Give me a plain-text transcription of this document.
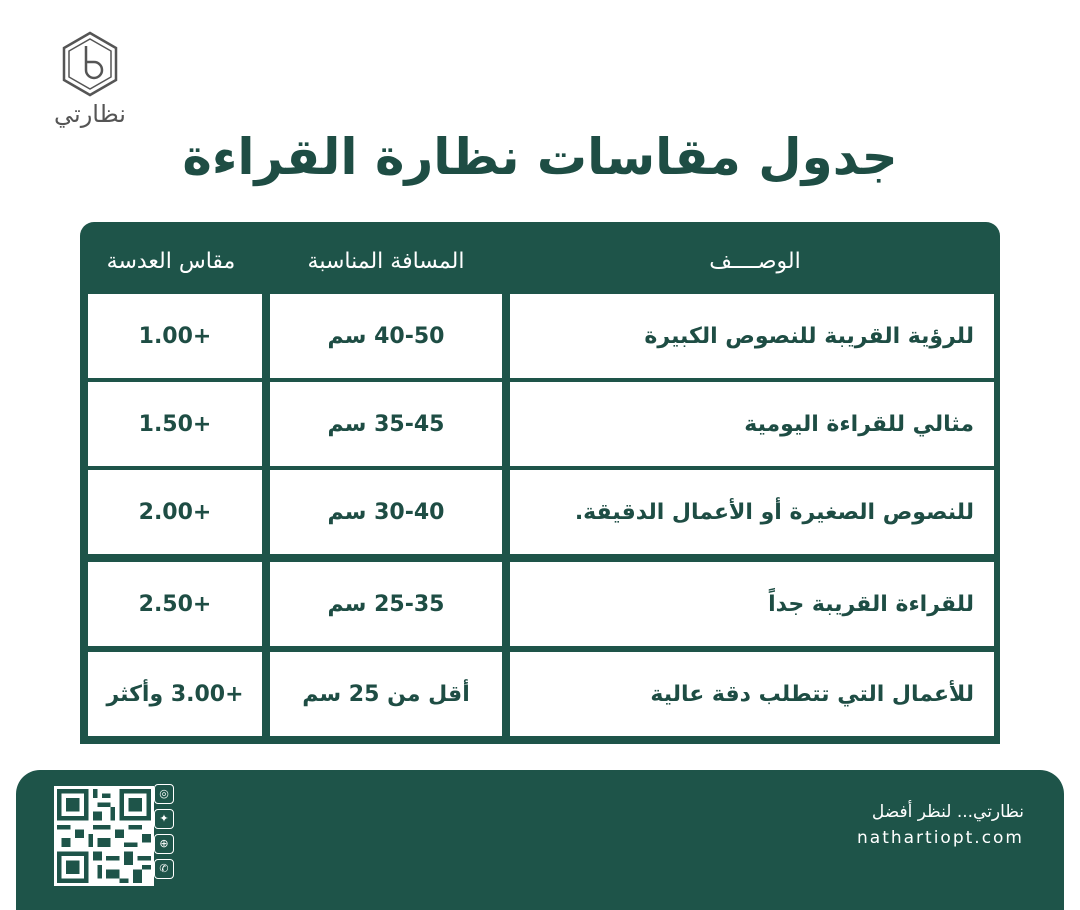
نظارتي
جدول مقاسات نظارة القراءة
الوصــــف
المسافة المناسبة
مقاس العدسة
للرؤية القريبة للنصوص الكبيرة
40-50 سم
+1.00
مثالي للقراءة اليومية
35-45 سم
+1.50
للنصوص الصغيرة أو الأعمال الدقيقة.
30-40 سم
+2.00
للقراءة القريبة جداً
25-35 سم
+2.50
للأعمال التي تتطلب دقة عالية
أقل من 25 سم
+3.00 وأكثر
◎
✦
⊕
✆
نظارتي... لنظر أفضل
nathartiopt.com
